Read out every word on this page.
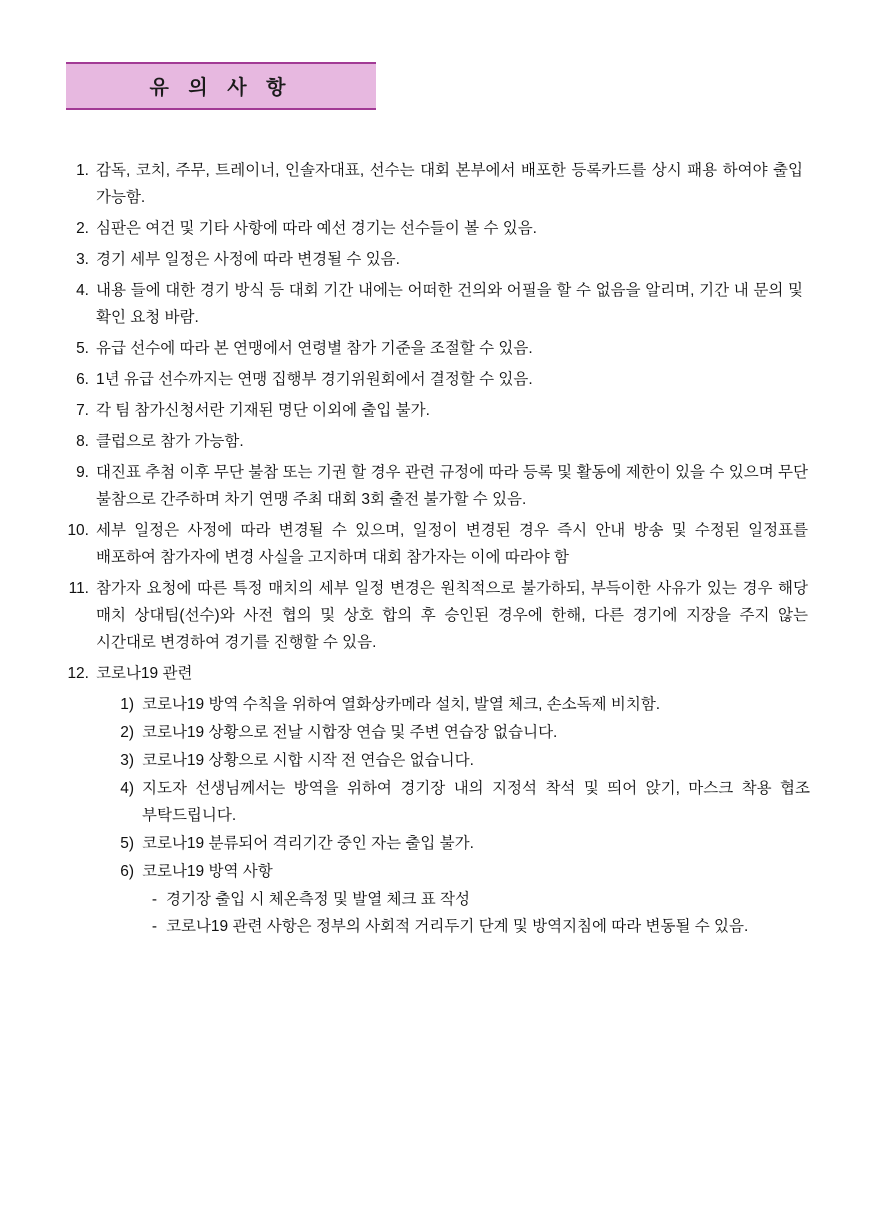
유 의 사 항
1. 감독, 코치, 주무, 트레이너, 인솔자대표, 선수는 대회 본부에서 배포한 등록카드를 상시 패용 하여야 출입 가능함.
2. 심판은 여건 및 기타 사항에 따라 예선 경기는 선수들이 볼 수 있음.
3. 경기 세부 일정은 사정에 따라 변경될 수 있음.
4. 내용 들에 대한 경기 방식 등 대회 기간 내에는 어떠한 건의와 어필을 할 수 없음을 알리며, 기간 내 문의 및 확인 요청 바람.
5. 유급 선수에 따라 본 연맹에서 연령별 참가 기준을 조절할 수 있음.
6. 1년 유급 선수까지는 연맹 집행부 경기위원회에서 결정할 수 있음.
7. 각 팀 참가신청서란 기재된 명단 이외에 출입 불가.
8. 클럽으로 참가 가능함.
9. 대진표 추첨 이후 무단 불참 또는 기권 할 경우 관련 규정에 따라 등록 및 활동에 제한이 있을 수 있으며 무단 불참으로 간주하며 차기 연맹 주최 대회 3회 출전 불가할 수 있음.
10. 세부 일정은 사정에 따라 변경될 수 있으며, 일정이 변경된 경우 즉시 안내 방송 및 수정된 일정표를 배포하여 참가자에 변경 사실을 고지하며 대회 참가자는 이에 따라야 함
11. 참가자 요청에 따른 특정 매치의 세부 일정 변경은 원칙적으로 불가하되, 부득이한 사유가 있는 경우 해당 매치 상대팀(선수)와 사전 협의 및 상호 합의 후 승인된 경우에 한해, 다른 경기에 지장을 주지 않는 시간대로 변경하여 경기를 진행할 수 있음.
12. 코로나19 관련
1) 코로나19 방역 수칙을 위하여 열화상카메라 설치, 발열 체크, 손소독제 비치함.
2) 코로나19 상황으로 전날 시합장 연습 및 주변 연습장 없습니다.
3) 코로나19 상황으로 시합 시작 전 연습은 없습니다.
4) 지도자 선생님께서는 방역을 위하여 경기장 내의 지정석 착석 및 띄어 앉기, 마스크 착용 협조 부탁드립니다.
5) 코로나19 분류되어 격리기간 중인 자는 출입 불가.
6) 코로나19 방역 사항
- 경기장 출입 시 체온측정 및 발열 체크 표 작성
- 코로나19 관련 사항은 정부의 사회적 거리두기 단계 및 방역지침에 따라 변동될 수 있음.
